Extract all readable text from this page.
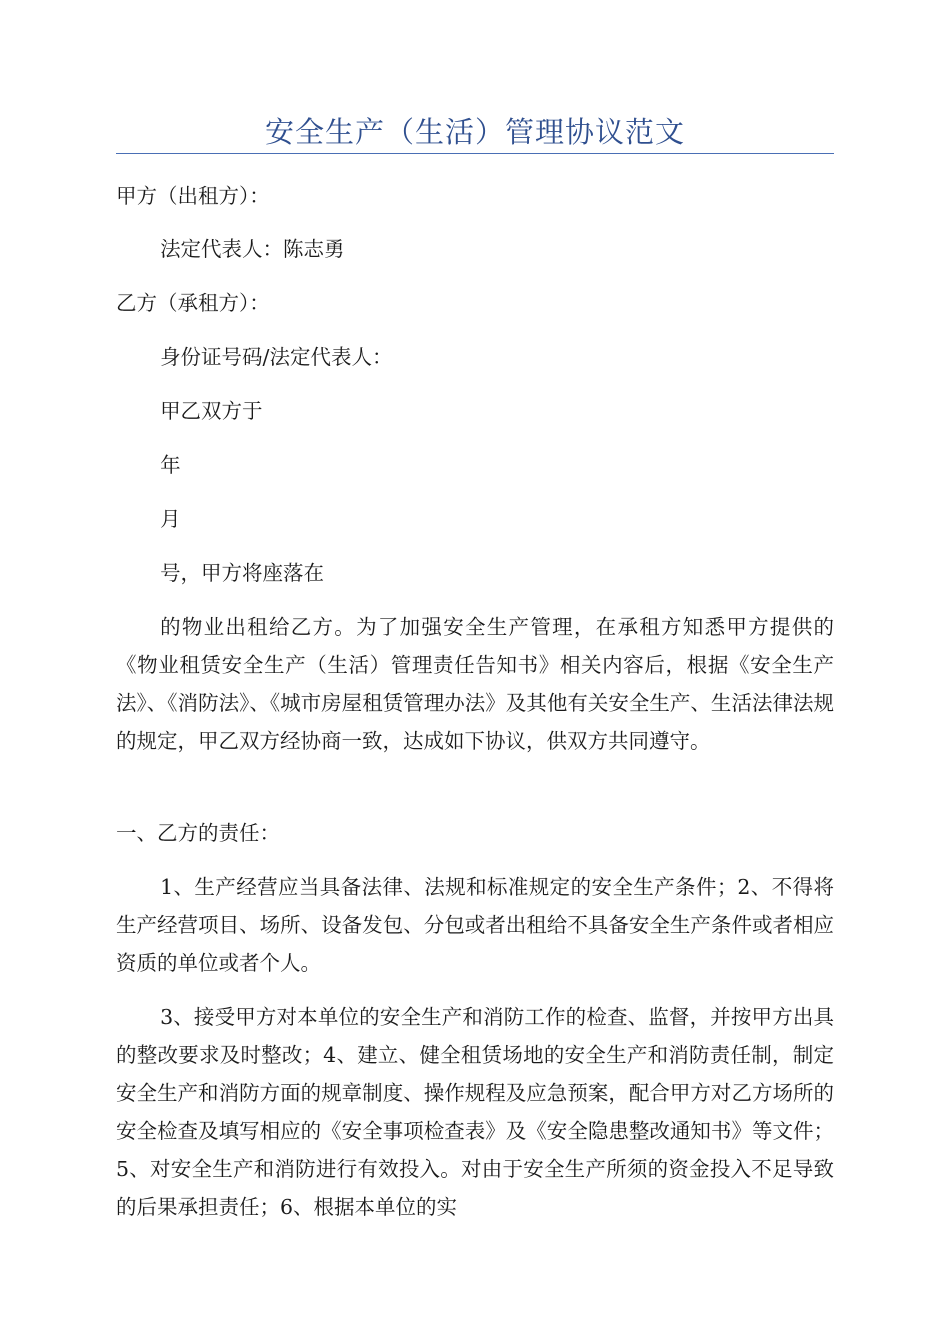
安全生产（生活）管理协议范文

甲方（出租方）：

法定代表人：陈志勇

乙方（承租方）：

身份证号码/法定代表人：

甲乙双方于

年

月

号，甲方将座落在

的物业出租给乙方。为了加强安全生产管理，在承租方知悉甲方提供的《物业租赁安全生产（生活）管理责任告知书》相关内容后，根据《安全生产法》、《消防法》、《城市房屋租赁管理办法》及其他有关安全生产、生活法律法规的规定，甲乙双方经协商一致，达成如下协议，供双方共同遵守。

一、乙方的责任：

1、生产经营应当具备法律、法规和标准规定的安全生产条件；2、不得将生产经营项目、场所、设备发包、分包或者出租给不具备安全生产条件或者相应资质的单位或者个人。

3、接受甲方对本单位的安全生产和消防工作的检查、监督，并按甲方出具的整改要求及时整改；4、建立、健全租赁场地的安全生产和消防责任制，制定安全生产和消防方面的规章制度、操作规程及应急预案，配合甲方对乙方场所的安全检查及填写相应的《安全事项检查表》及《安全隐患整改通知书》等文件；5、对安全生产和消防进行有效投入。对由于安全生产所须的资金投入不足导致的后果承担责任；6、根据本单位的实
